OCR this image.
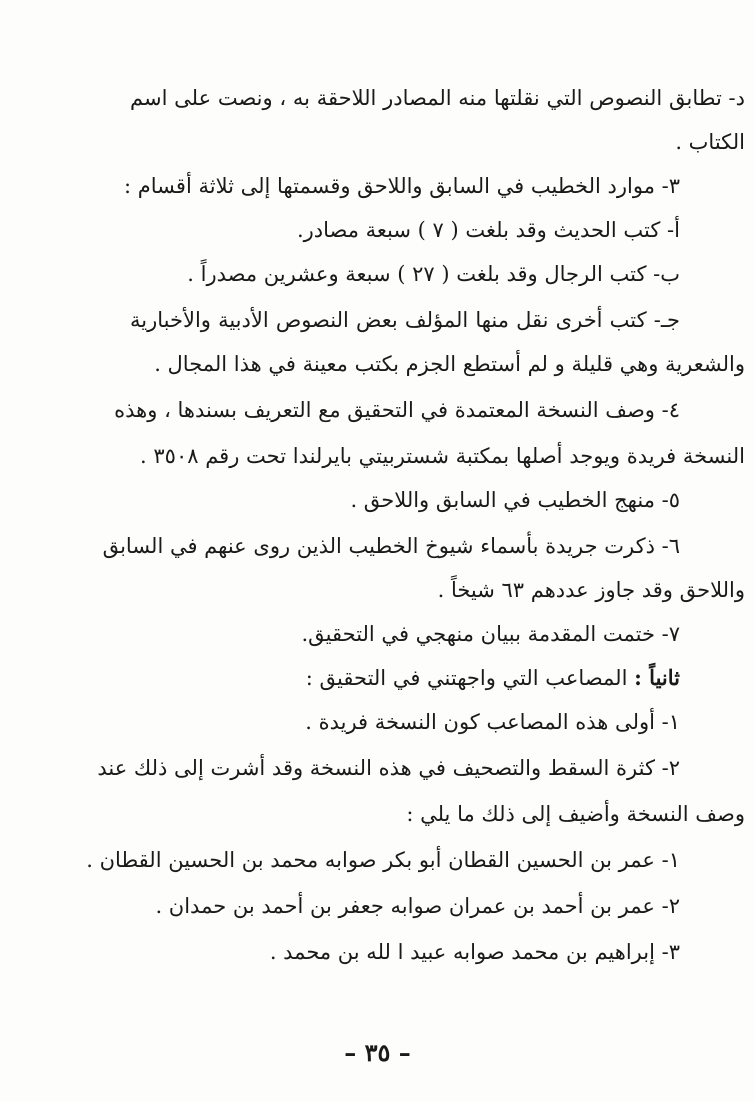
د- تطابق النصوص التي نقلتها منه المصادر اللاحقة به ، ونصت على اسم
الكتاب .
٣- موارد الخطيب في السابق واللاحق وقسمتها إلى ثلاثة أقسام :
أ- كتب الحديث وقد بلغت ( ٧ ) سبعة مصادر.
ب- كتب الرجال وقد بلغت ( ٢٧ ) سبعة وعشرين مصدراً .
جـ- كتب أخرى نقل منها المؤلف بعض النصوص الأدبية والأخبارية
والشعرية وهي قليلة و لم أستطع الجزم بكتب معينة في هذا المجال .
٤- وصف النسخة المعتمدة في التحقيق مع التعريف بسندها ، وهذه
النسخة فريدة ويوجد أصلها بمكتبة شستربيتي بايرلندا تحت رقم ٣٥٠٨ .
٥- منهج الخطيب في السابق واللاحق .
٦- ذكرت جريدة بأسماء شيوخ الخطيب الذين روى عنهم في السابق
واللاحق وقد جاوز عددهم ٦٣ شيخاً .
٧- ختمت المقدمة ببيان منهجي في التحقيق.
ثانياً : المصاعب التي واجهتني في التحقيق :
١- أولى هذه المصاعب كون النسخة فريدة .
٢- كثرة السقط والتصحيف في هذه النسخة وقد أشرت إلى ذلك عند
وصف النسخة وأضيف إلى ذلك ما يلي :
١- عمر بن الحسين القطان أبو بكر صوابه محمد بن الحسين القطان .
٢- عمر بن أحمد بن عمران صوابه جعفر بن أحمد بن حمدان .
٣- إبراهيم بن محمد صوابه عبيد ا لله بن محمد .
– ٣٥ –
